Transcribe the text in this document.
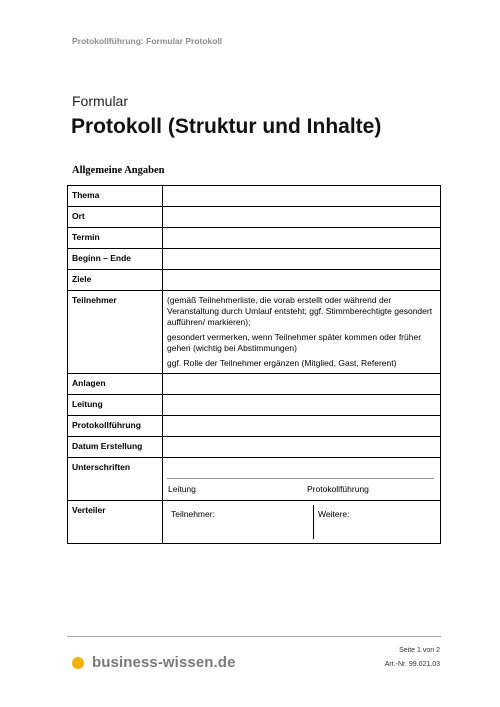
Protokollführung: Formular Protokoll
Formular
Protokoll (Struktur und Inhalte)
Allgemeine Angaben
Thema	
Ort	
Termin	
Beginn – Ende	
Ziele	
Teilnehmer	(gemäß Teilnehmerliste, die vorab erstellt oder während der Veranstaltung durch Umlauf entsteht; ggf. Stimmberechtigte gesondert aufführen/ markieren);

gesondert vermerken, wenn Teilnehmer später kommen oder früher gehen (wichtig bei Abstimmungen)

ggf. Rolle der Teilnehmer ergänzen (Mitglied, Gast, Referent)

Anlagen	
Leitung	
Protokollführung	
Datum Erstellung	
Unterschriften	Leitung Protokollführung

Verteiler	Teilnehmer: Weitere:
business-wissen.de
Seite 1 von 2
Art.-Nr. 99.021.03
